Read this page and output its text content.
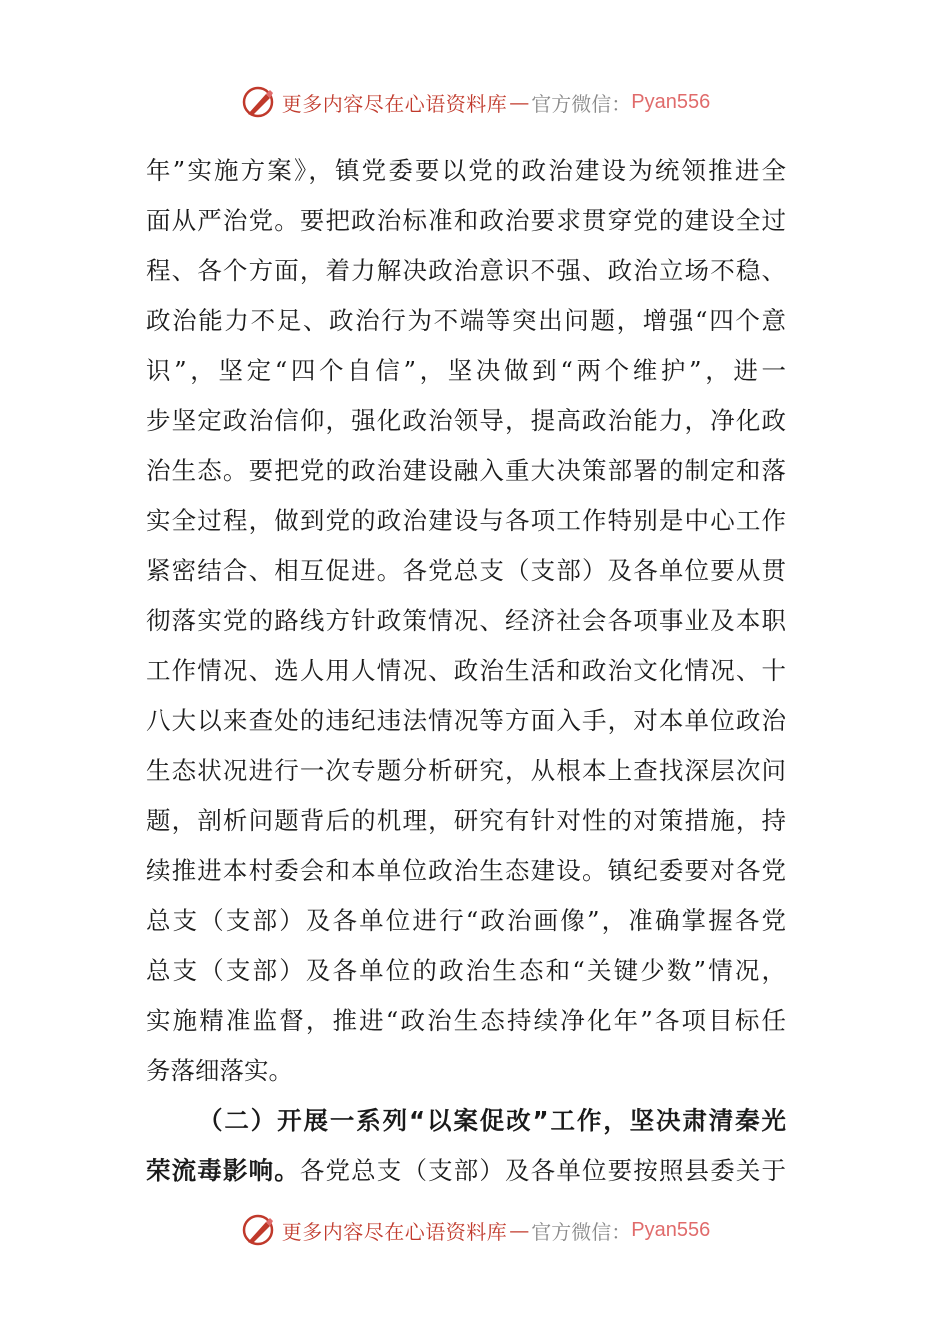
更多内容尽在心语资料库 — 官方微信： Pyan556
年”实施方案》，镇党委要以党的政治建设为统领推进全
面从严治党。要把政治标准和政治要求贯穿党的建设全过
程、各个方面，着力解决政治意识不强、政治立场不稳、
政治能力不足、政治行为不端等突出问题，增强“四个意
识”，坚定“四个自信”，坚决做到“两个维护”，进一
步坚定政治信仰，强化政治领导，提高政治能力，净化政
治生态。要把党的政治建设融入重大决策部署的制定和落
实全过程，做到党的政治建设与各项工作特别是中心工作
紧密结合、相互促进。各党总支（支部）及各单位要从贯
彻落实党的路线方针政策情况、经济社会各项事业及本职
工作情况、选人用人情况、政治生活和政治文化情况、十
八大以来查处的违纪违法情况等方面入手，对本单位政治
生态状况进行一次专题分析研究，从根本上查找深层次问
题，剖析问题背后的机理，研究有针对性的对策措施，持
续推进本村委会和本单位政治生态建设。镇纪委要对各党
总支（支部）及各单位进行“政治画像”，准确掌握各党
总支（支部）及各单位的政治生态和“关键少数”情况，
实施精准监督，推进“政治生态持续净化年”各项目标任
务落细落实。
（二）开展一系列“以案促改”工作，坚决肃清秦光
荣流毒影响。各党总支（支部）及各单位要按照县委关于
更多内容尽在心语资料库 — 官方微信： Pyan556
